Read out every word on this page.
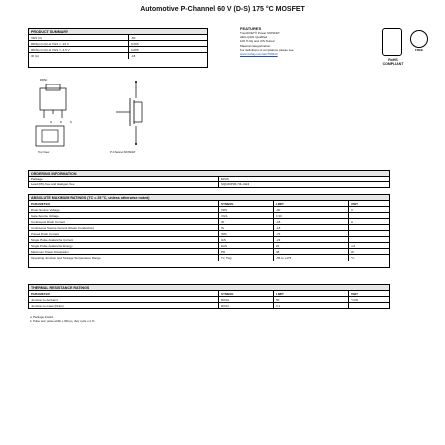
Automotive P-Channel 60 V (D-S) 175 °C MOSFET
PRODUCT SUMMARY
VDS (V)	-60
RDS(on) (Ω) at VGS = -10 V	0.065
RDS(on) (Ω) at VGS = -4.5 V	0.085
ID (A)	-18
FEATURES
TrenchFET® Power MOSFET
AEC-Q101 Qualified
100 % Rg and UIS Tested
Material categorization:
For definitions of compliance please see
www.vishay.com/doc?99912
RoHS
COMPLIANT
FREE
DPAK
Top View
G	D	S
P-Channel MOSFET
ORDERING INFORMATION
Package	DPAK
Lead (Pb)-free and Halogen-free	SQD40P06-73L-GE3
ABSOLUTE MAXIMUM RATINGS (TC = 25 °C, unless otherwise noted)
PARAMETER	SYMBOL	LIMIT	UNIT
Drain-Source Voltage	VDS	-60	V
Gate-Source Voltage	VGS	± 20
Continuous Drain Current	ID	-18	A
Continuous Source Current (Diode Conduction)	IS	-18
Pulsed Drain Current	IDM	-72
Single Pulse Avalanche Current	IAS	-23
Single Pulse Avalanche Energy	EAS	26	mJ
Maximum Power Dissipation	PD	48	W
Operating Junction and Storage Temperature Range	TJ, Tstg	-55 to +175	°C
THERMAL RESISTANCE RATINGS
PARAMETER	SYMBOL	LIMIT	UNIT
Junction-to-Ambient	RthJA	50	°C/W
Junction-to-Case (Drain)	RthJC	3.1
a. Package limited.
b. Pulse test; pulse width ≤ 300 μs, duty cycle ≤ 2 %.
